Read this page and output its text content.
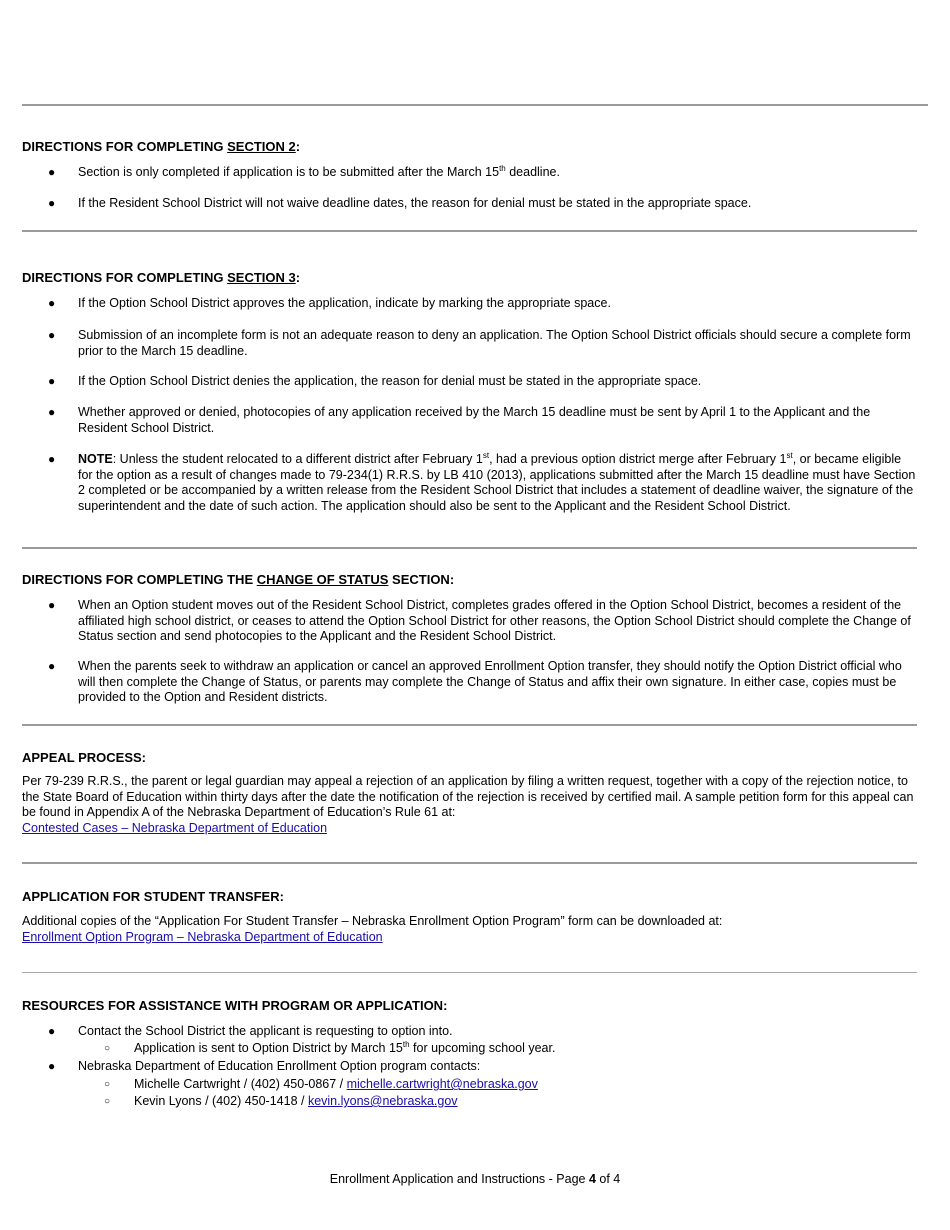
DIRECTIONS FOR COMPLETING SECTION 2:
● Section is only completed if application is to be submitted after the March 15th deadline.
● If the Resident School District will not waive deadline dates, the reason for denial must be stated in the appropriate space.
DIRECTIONS FOR COMPLETING SECTION 3:
● If the Option School District approves the application, indicate by marking the appropriate space.
● Submission of an incomplete form is not an adequate reason to deny an application. The Option School District officials should secure a complete form prior to the March 15 deadline.
● If the Option School District denies the application, the reason for denial must be stated in the appropriate space.
● Whether approved or denied, photocopies of any application received by the March 15 deadline must be sent by April 1 to the Applicant and the Resident School District.
● NOTE: Unless the student relocated to a different district after February 1st, had a previous option district merge after February 1st, or became eligible for the option as a result of changes made to 79-234(1) R.R.S. by LB 410 (2013), applications submitted after the March 15 deadline must have Section 2 completed or be accompanied by a written release from the Resident School District that includes a statement of deadline waiver, the signature of the superintendent and the date of such action. The application should also be sent to the Applicant and the Resident School District.
DIRECTIONS FOR COMPLETING THE CHANGE OF STATUS SECTION:
● When an Option student moves out of the Resident School District, completes grades offered in the Option School District, becomes a resident of the affiliated high school district, or ceases to attend the Option School District for other reasons, the Option School District should complete the Change of Status section and send photocopies to the Applicant and the Resident School District.
● When the parents seek to withdraw an application or cancel an approved Enrollment Option transfer, they should notify the Option District official who will then complete the Change of Status, or parents may complete the Change of Status and affix their own signature. In either case, copies must be provided to the Option and Resident districts.
APPEAL PROCESS:
Per 79-239 R.R.S., the parent or legal guardian may appeal a rejection of an application by filing a written request, together with a copy of the rejection notice, to the State Board of Education within thirty days after the date the notification of the rejection is received by certified mail. A sample petition form for this appeal can be found in Appendix A of the Nebraska Department of Education’s Rule 61 at:
Contested Cases – Nebraska Department of Education
APPLICATION FOR STUDENT TRANSFER:
Additional copies of the “Application For Student Transfer – Nebraska Enrollment Option Program” form can be downloaded at:
Enrollment Option Program – Nebraska Department of Education
RESOURCES FOR ASSISTANCE WITH PROGRAM OR APPLICATION:
● Contact the School District the applicant is requesting to option into.
○ Application is sent to Option District by March 15th for upcoming school year.
● Nebraska Department of Education Enrollment Option program contacts:
○ Michelle Cartwright / (402) 450-0867 / michelle.cartwright@nebraska.gov
○ Kevin Lyons / (402) 450-1418 / kevin.lyons@nebraska.gov
Enrollment Application and Instructions - Page 4 of 4
